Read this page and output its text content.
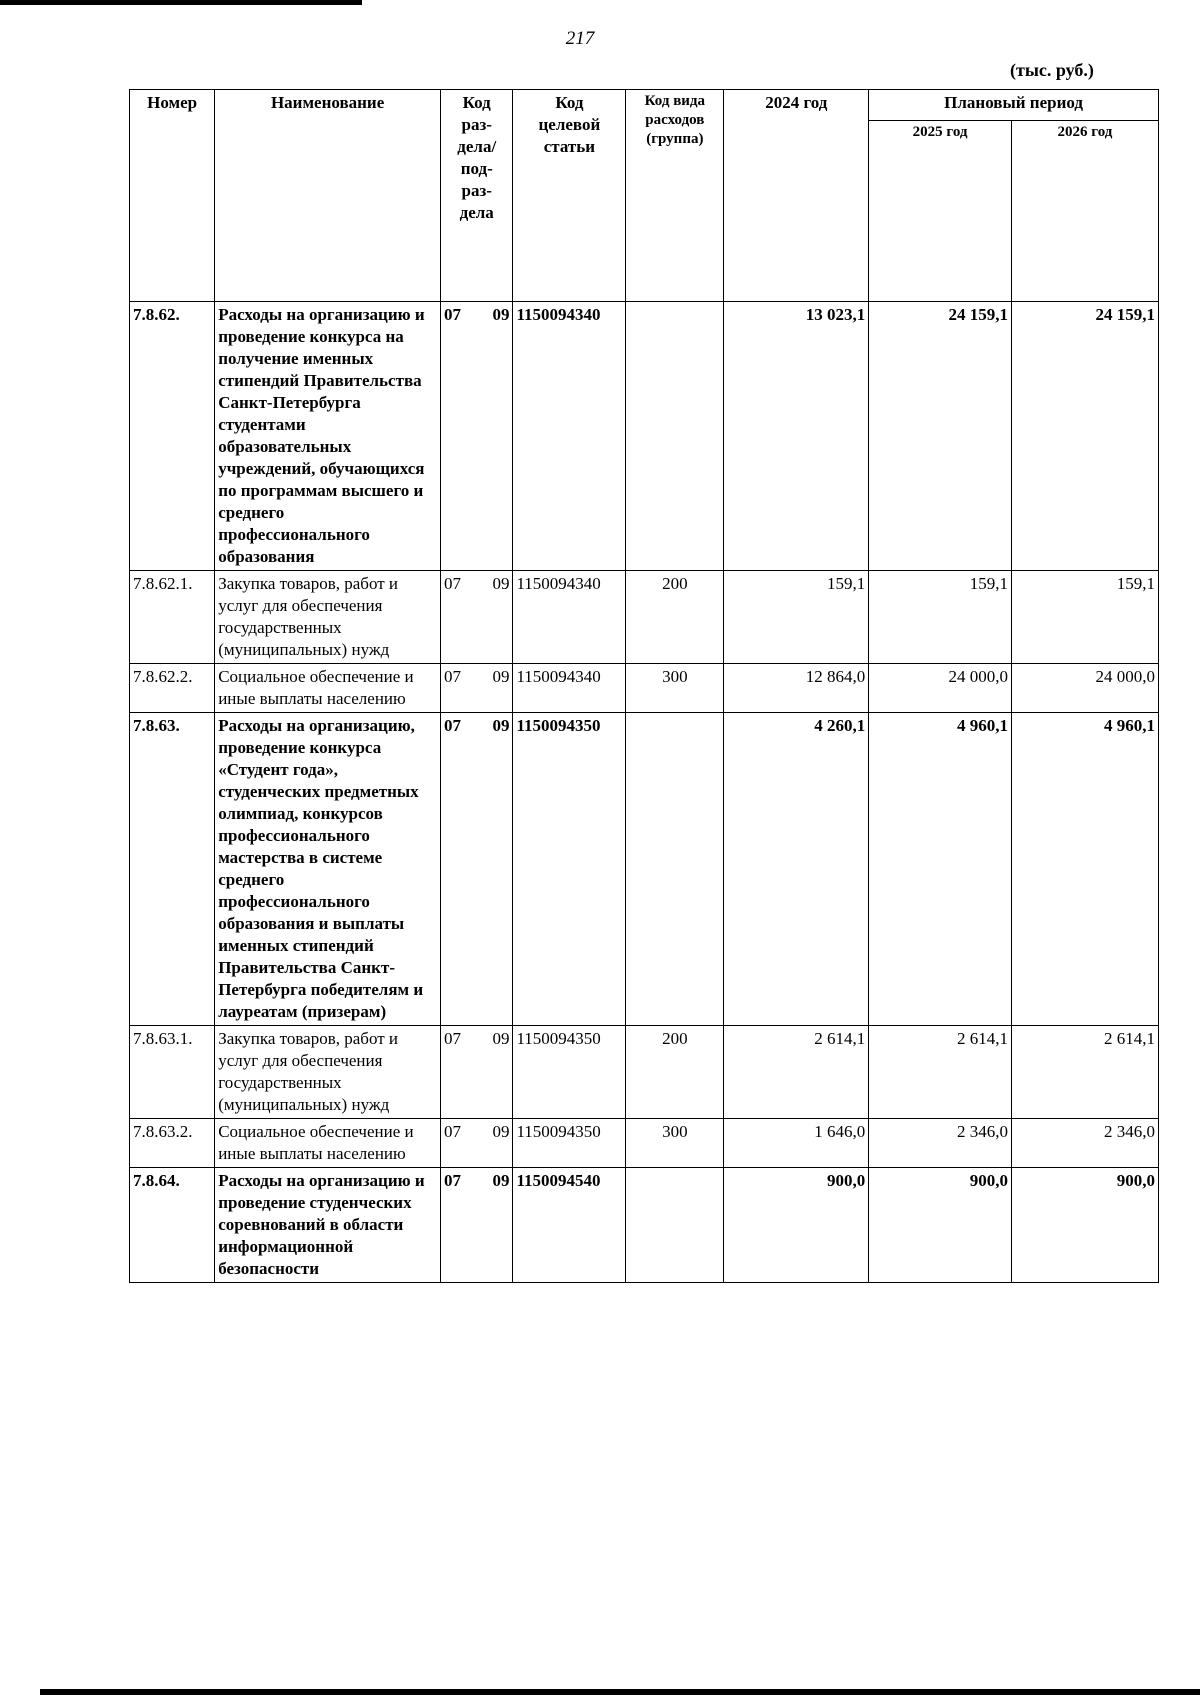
217
(тыс. руб.)
Номер	Наименование	Код раз- дела/ под- раз- дела	Код целевой статьи	Код вида расходов (группа)	2024 год	Плановый период	
						2025 год	2026 год
7.8.62.	Расходы на организацию и проведение конкурса на получение именных стипендий Правительства Санкт-Петербурга студентами образовательных учреждений, обучающихся по программам высшего и среднего профессионального образования	07 09	1150094340		13 023,1	24 159,1	24 159,1
7.8.62.1.	Закупка товаров, работ и услуг для обеспечения государственных (муниципальных) нужд	07 09	1150094340	200	159,1	159,1	159,1
7.8.62.2.	Социальное обеспечение и иные выплаты населению	07 09	1150094340	300	12 864,0	24 000,0	24 000,0
7.8.63.	Расходы на организацию, проведение конкурса «Студент года», студенческих предметных олимпиад, конкурсов профессионального мастерства в системе среднего профессионального образования и выплаты именных стипендий Правительства Санкт-Петербурга победителям и лауреатам (призерам)	07 09	1150094350		4 260,1	4 960,1	4 960,1
7.8.63.1.	Закупка товаров, работ и услуг для обеспечения государственных (муниципальных) нужд	07 09	1150094350	200	2 614,1	2 614,1	2 614,1
7.8.63.2.	Социальное обеспечение и иные выплаты населению	07 09	1150094350	300	1 646,0	2 346,0	2 346,0
7.8.64.	Расходы на организацию и проведение студенческих соревнований в области информационной безопасности	07 09	1150094540		900,0	900,0	900,0
